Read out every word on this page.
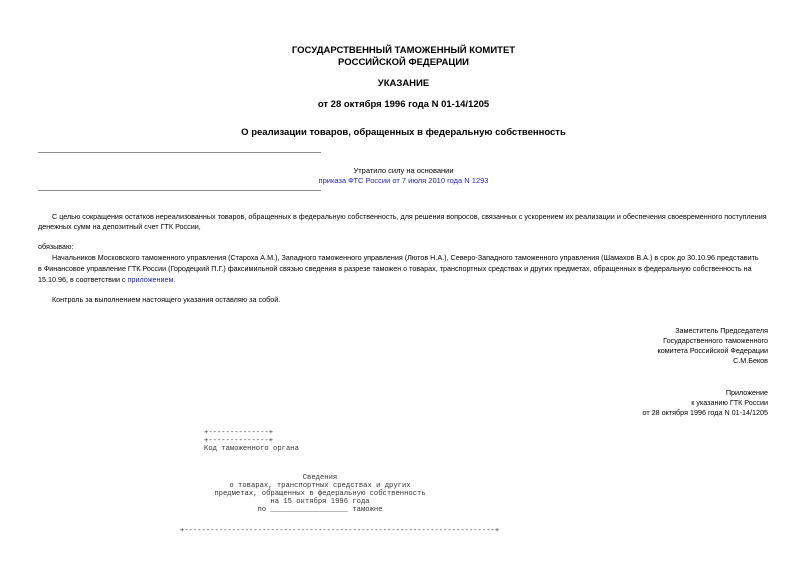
ГОСУДАРСТВЕННЫЙ ТАМОЖЕННЫЙ КОМИТЕТ
РОССИЙСКОЙ ФЕДЕРАЦИИ
УКАЗАНИЕ
от 28 октября 1996 года N 01-14/1205
О реализации товаров, обращенных в федеральную собственность
Утратило силу на основании
приказа ФТС России от 7 июля 2010 года N 1293
С целью сокращения остатков нереализованных товаров, обращенных в федеральную собственность, для решения вопросов, связанных с ускорением их реализации и обеспечения своевременного поступления
денежных сумм на депозитный счет ГТК России,
обязываю:
Начальников Московского таможенного управления (Староха А.М.), Западного таможенного управления (Лютов Н.А.), Северо-Западного таможенного управления (Шамахов В.А.) в срок до 30.10.96 представить
в Финансовое управление ГТК России (Городецкий П.Г.) факсимильной связью сведения в разрезе таможен о товарах, транспортных средствах и других предметах, обращенных в федеральную собственность на
15.10.96, в соответствии с приложением.
Контроль за выполнением настоящего указания оставляю за собой.
Заместитель Председателя
Государственного таможенного
комитета Российской Федерации
С.М.Беков
Приложение
к указанию ГТК России
от 28 октября 1996 года N 01-14/1205
+--------------+
+--------------+
Код таможенного органа
Сведения
о товарах, транспортных средствах и других
предметах, обращенных в федеральную собственность
на 15 октября 1996 года
по __________________ таможне
+------------------------------------------------------------------------+
